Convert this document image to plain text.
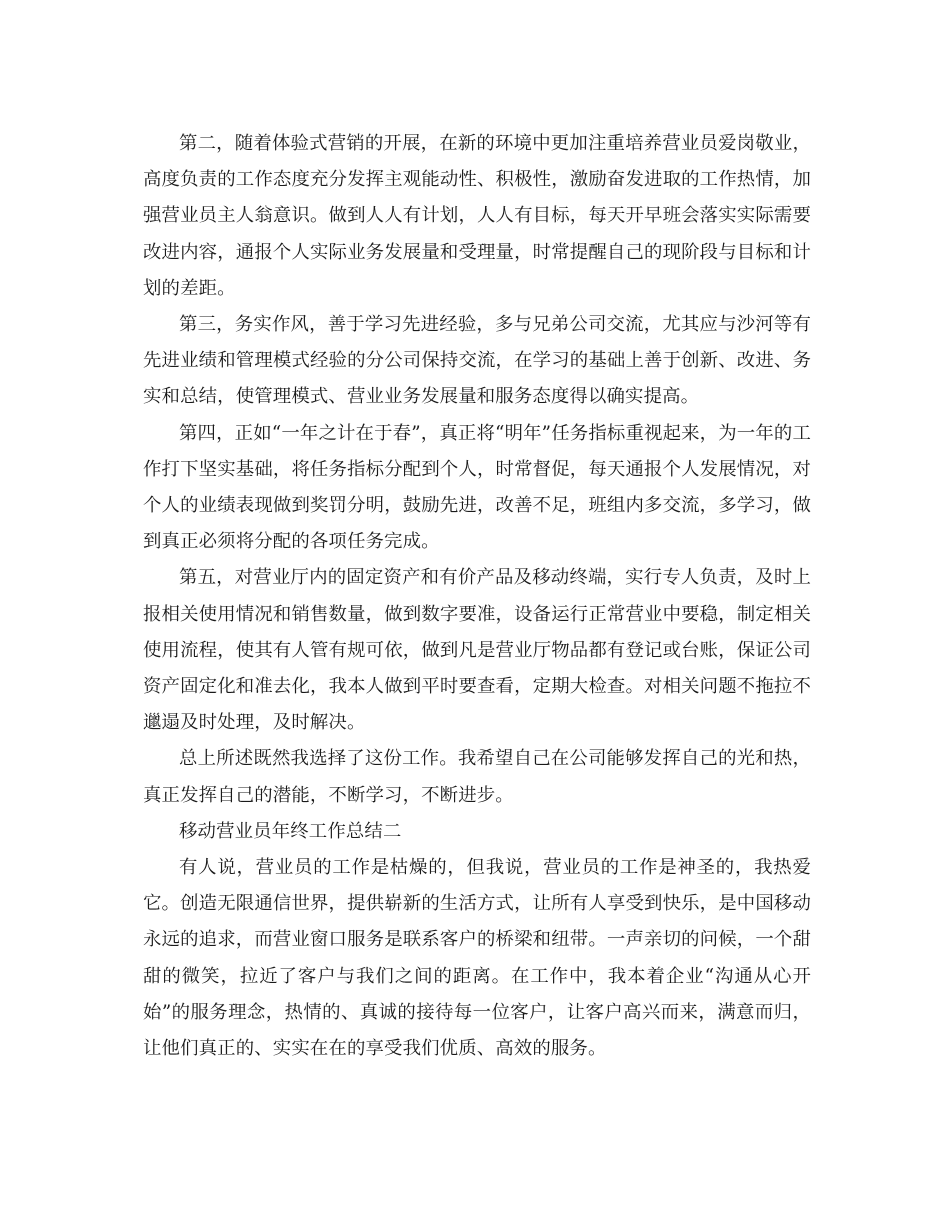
第二，随着体验式营销的开展，在新的环境中更加注重培养营业员爱岗敬业，高度负责的工作态度充分发挥主观能动性、积极性，激励奋发进取的工作热情，加强营业员主人翁意识。做到人人有计划，人人有目标，每天开早班会落实实际需要改进内容，通报个人实际业务发展量和受理量，时常提醒自己的现阶段与目标和计划的差距。

第三，务实作风，善于学习先进经验，多与兄弟公司交流，尤其应与沙河等有先进业绩和管理模式经验的分公司保持交流，在学习的基础上善于创新、改进、务实和总结，使管理模式、营业业务发展量和服务态度得以确实提高。

第四，正如“一年之计在于春”，真正将“明年”任务指标重视起来，为一年的工作打下坚实基础，将任务指标分配到个人，时常督促，每天通报个人发展情况，对个人的业绩表现做到奖罚分明，鼓励先进，改善不足，班组内多交流，多学习，做到真正必须将分配的各项任务完成。

第五，对营业厅内的固定资产和有价产品及移动终端，实行专人负责，及时上报相关使用情况和销售数量，做到数字要准，设备运行正常营业中要稳，制定相关使用流程，使其有人管有规可依，做到凡是营业厅物品都有登记或台账，保证公司资产固定化和准去化，我本人做到平时要查看，定期大检查。对相关问题不拖拉不邋遢及时处理，及时解决。

总上所述既然我选择了这份工作。我希望自己在公司能够发挥自己的光和热，真正发挥自己的潜能，不断学习，不断进步。

移动营业员年终工作总结二

有人说，营业员的工作是枯燥的，但我说，营业员的工作是神圣的，我热爱它。创造无限通信世界，提供崭新的生活方式，让所有人享受到快乐，是中国移动永远的追求，而营业窗口服务是联系客户的桥梁和纽带。一声亲切的问候，一个甜甜的微笑，拉近了客户与我们之间的距离。在工作中，我本着企业“沟通从心开始”的服务理念，热情的、真诚的接待每一位客户，让客户高兴而来，满意而归，让他们真正的、实实在在的享受我们优质、高效的服务。
